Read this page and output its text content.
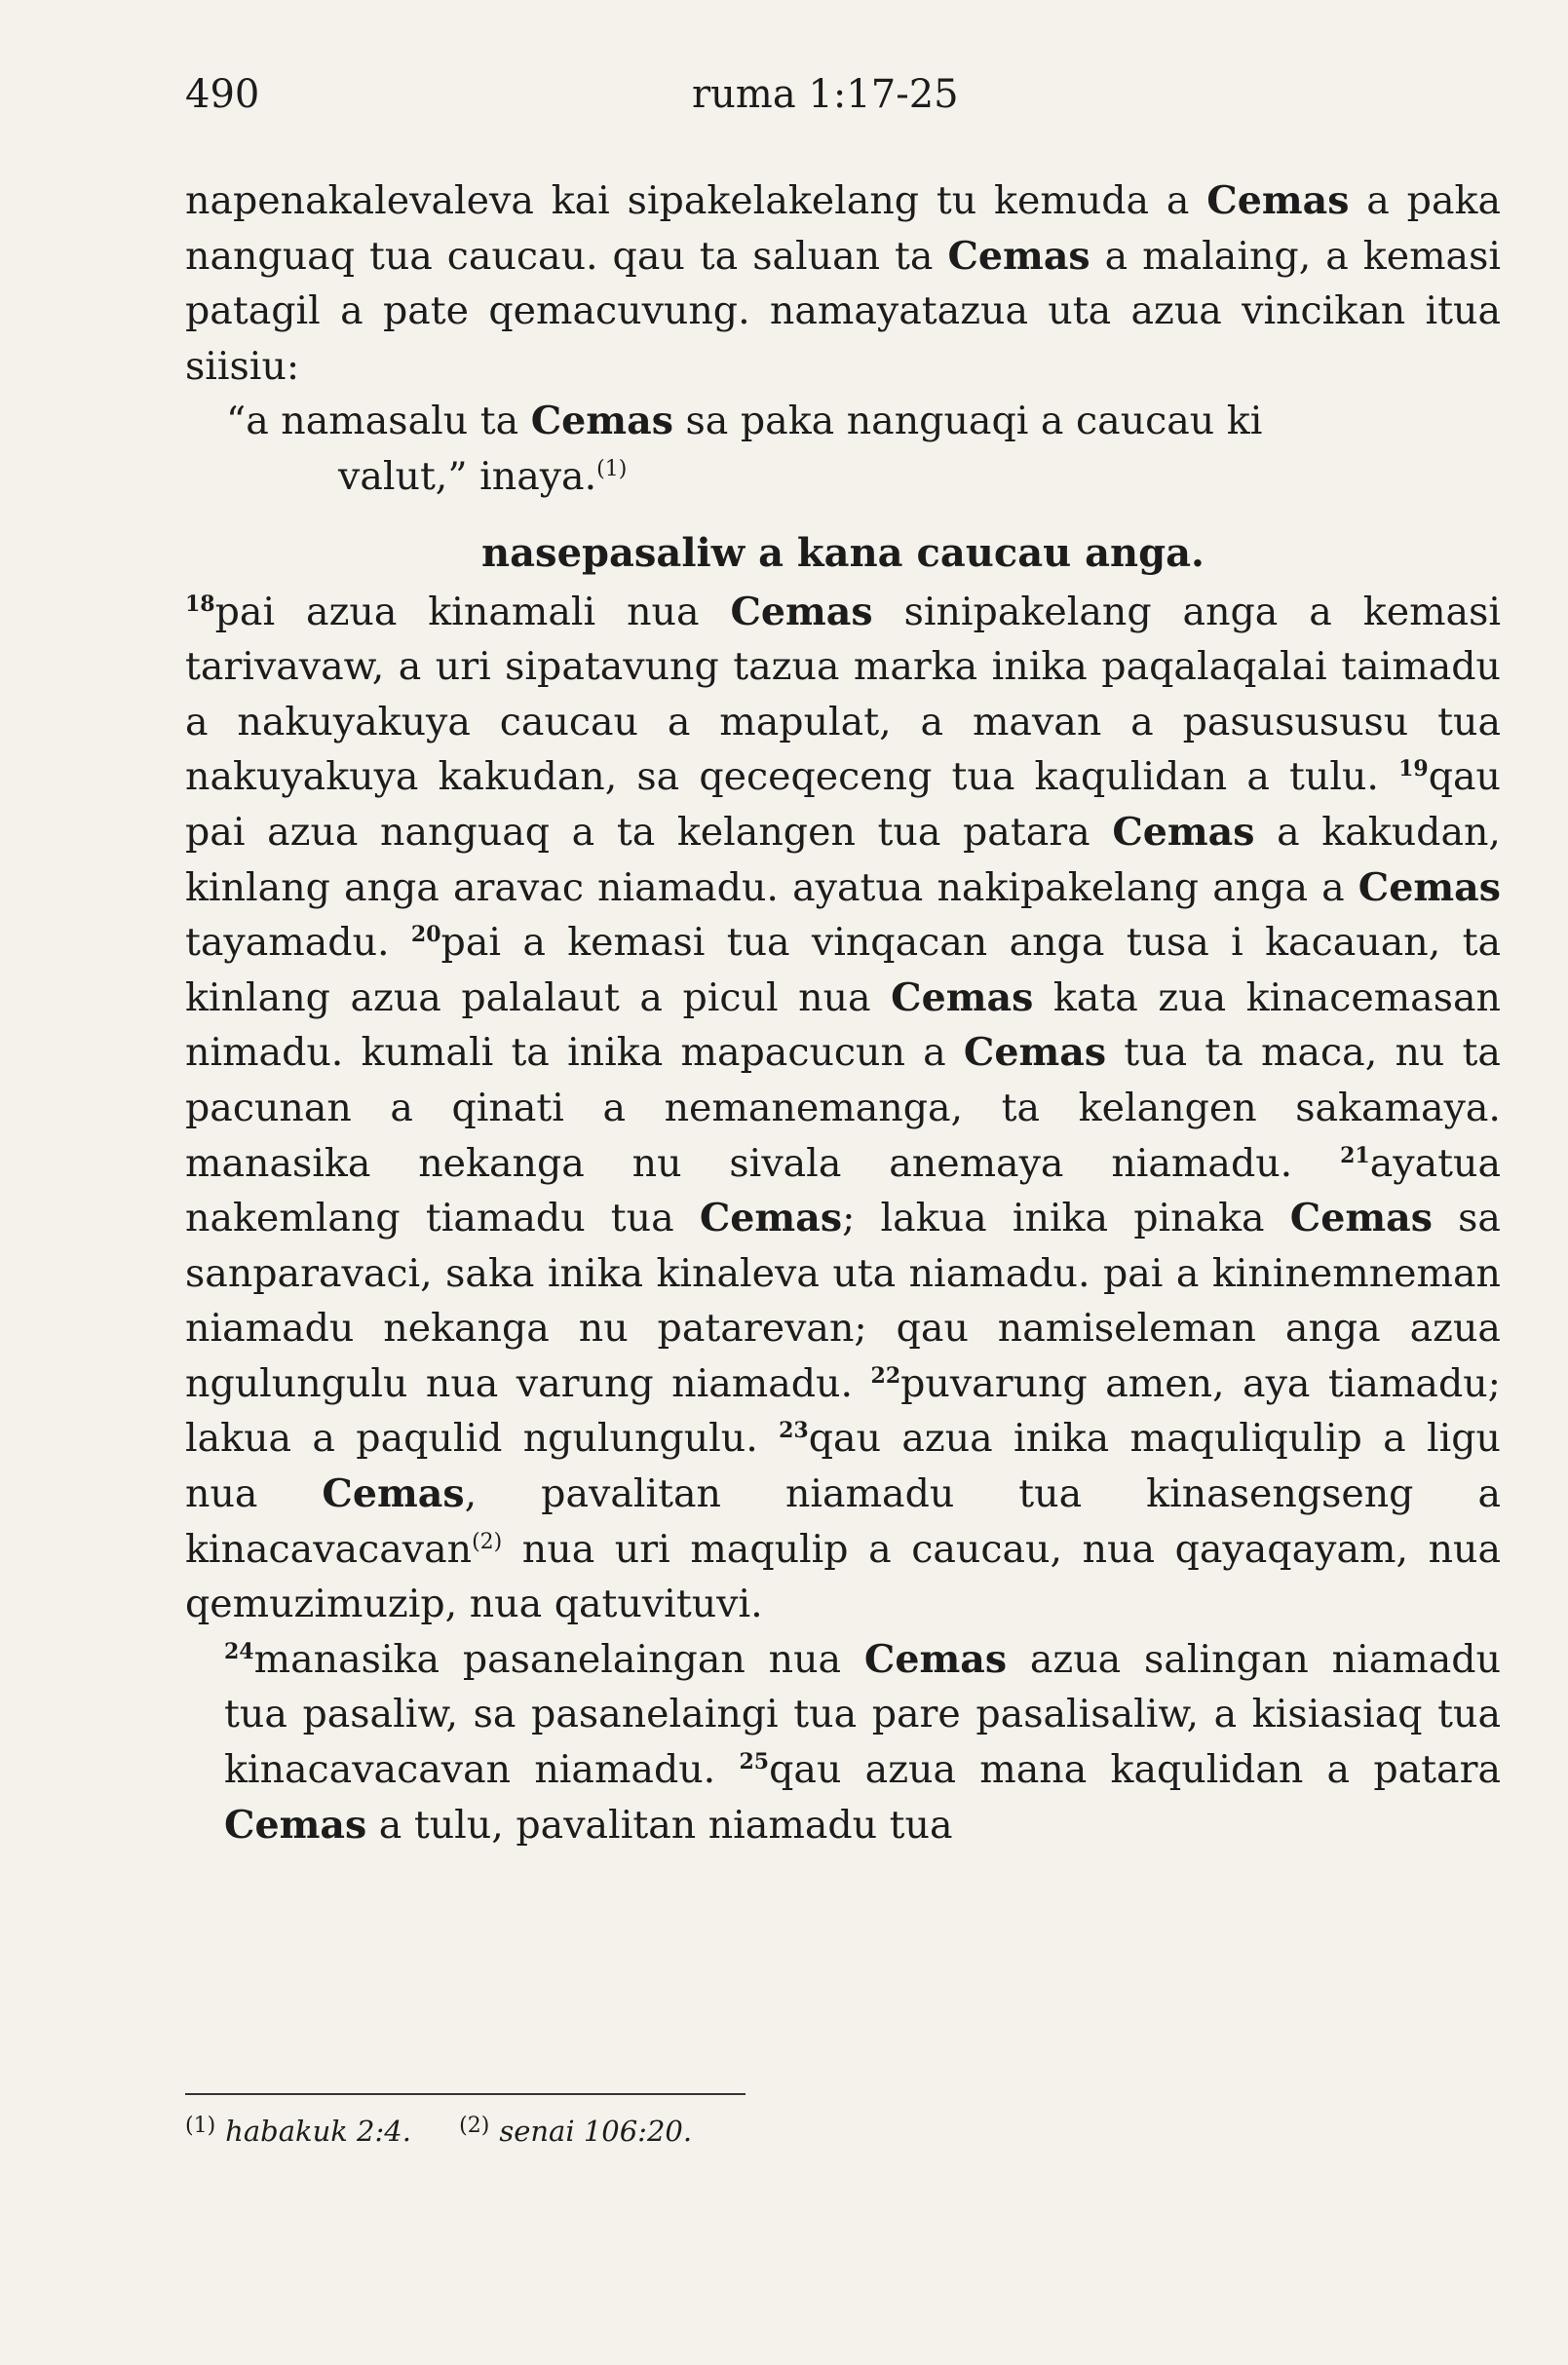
490	ruma 1:17-25

napenakalevaleva kai sipakelakelang tu kemuda a Cemas a paka nanguaq tua caucau. qau ta saluan ta Cemas a malaing, a kemasi patagil a pate qemacuvung. namayatazua uta azua vincikan itua siisiu:

“a namasalu ta Cemas sa paka nanguaqi a caucau ki
valut,” inaya.$^{(1)}$

nasepasaliw a kana caucau anga.

$^{18}$pai azua kinamali nua Cemas sinipakelang anga a kemasi tarivavaw, a uri sipatavung tazua marka inika paqalaqalai taimadu a nakuyakuya caucau a mapulat, a mavan a pasusususu tua nakuyakuya kakudan, sa qeceqeceng tua kaqulidan a tulu. $^{19}$qau pai azua nanguaq a ta kelangen tua patara Cemas a kakudan, kinlang anga aravac niamadu. ayatua nakipakelang anga a Cemas tayamadu. $^{20}$pai a kemasi tua vinqacan anga tusa i kacauan, ta kinlang azua palalaut a picul nua Cemas kata zua kinacemasan nimadu. kumali ta inika mapacucun a Cemas tua ta maca, nu ta pacunan a qinati a nemanemanga, ta kelangen sakamaya. manasika nekanga nu sivala anemaya niamadu. $^{21}$ayatua nakemlang tiamadu tua Cemas; lakua inika pinaka Cemas sa sanparavaci, saka inika kinaleva uta niamadu. pai a kininemneman niamadu nekanga nu patarevan; qau namiseleman anga azua ngulungulu nua varung niamadu. $^{22}$puvarung amen, aya tiamadu; lakua a paqulid ngulungulu. $^{23}$qau azua inika maquliqulip a ligu nua Cemas, pavalitan niamadu tua kinasengseng a kinacavacavan$^{(2)}$ nua uri maqulip a caucau, nua qayaqayam, nua qemuzimuzip, nua qatuvituvi.

$^{24}$manasika pasanelaingan nua Cemas azua salingan niamadu tua pasaliw, sa pasanelaingi tua pare pasalisaliw, a kisiasiaq tua kinacavacavan niamadu. $^{25}$qau azua mana kaqulidan a patara Cemas a tulu, pavalitan niamadu tua

$^{(1)}$ habakuk 2:4. $^{(2)}$ senai 106:20.
